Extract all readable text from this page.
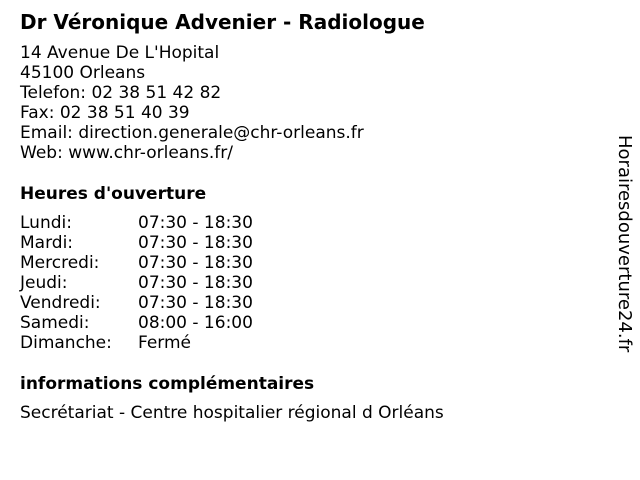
Dr Véronique Advenier - Radiologue
14 Avenue De L'Hopital
45100 Orleans
Telefon: 02 38 51 42 82
Fax: 02 38 51 40 39
Email: direction.generale@chr-orleans.fr
Web: www.chr-orleans.fr/
Heures d'ouverture
Lundi:	07:30 - 18:30
Mardi:	07:30 - 18:30
Mercredi:	07:30 - 18:30
Jeudi:	07:30 - 18:30
Vendredi:	07:30 - 18:30
Samedi:	08:00 - 16:00
Dimanche:	Fermé
informations complémentaires
Secrétariat - Centre hospitalier régional d Orléans
Horairesdouverture24.fr
